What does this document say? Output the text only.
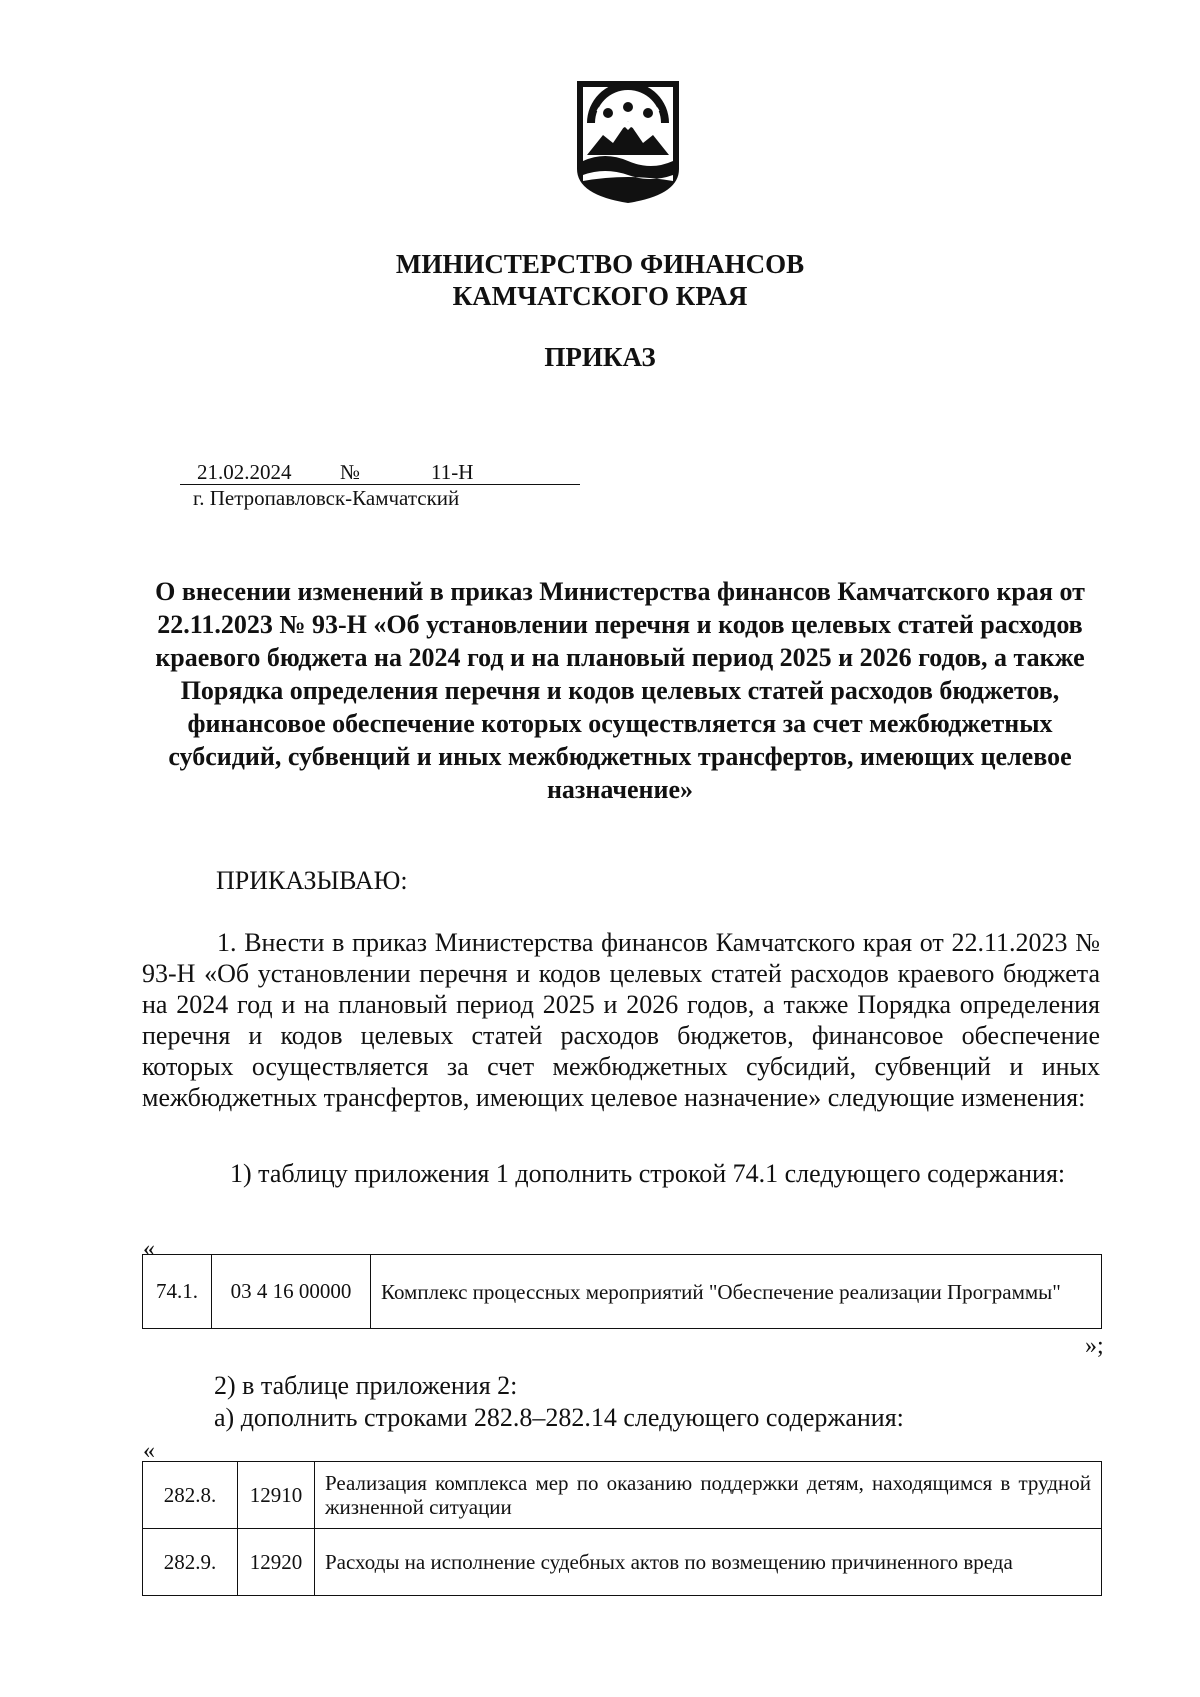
МИНИСТЕРСТВО ФИНАНСОВ
КАМЧАТСКОГО КРАЯ
ПРИКАЗ
21.02.2024 №	11-Н
г. Петропавловск-Камчатский
О внесении изменений в приказ Министерства финансов Камчатского края от 22.11.2023 № 93-Н «Об установлении перечня и кодов целевых статей расходов краевого бюджета на 2024 год и на плановый период 2025 и 2026 годов, а также Порядка определения перечня и кодов целевых статей расходов бюджетов, финансовое обеспечение которых осуществляется за счет межбюджетных субсидий, субвенций и иных межбюджетных трансфертов, имеющих целевое назначение»
ПРИКАЗЫВАЮ:
1. Внести в приказ Министерства финансов Камчатского края от 22.11.2023 № 93-Н «Об установлении перечня и кодов целевых статей расходов краевого бюджета на 2024 год и на плановый период 2025 и 2026 годов, а также Порядка определения перечня и кодов целевых статей расходов бюджетов, финансовое обеспечение которых осуществляется за счет межбюджетных субсидий, субвенций и иных межбюджетных трансфертов, имеющих целевое назначение» следующие изменения:
1) таблицу приложения 1 дополнить строкой 74.1 следующего содержания:
«
74.1.	03 4 16 00000	Комплекс процессных мероприятий "Обеспечение реализации Программы"
»;
2) в таблице приложения 2:
а) дополнить строками 282.8–282.14 следующего содержания:
«
282.8.	12910	Реализация комплекса мер по оказанию поддержки детям, находящимся в трудной жизненной ситуации
282.9.	12920	Расходы на исполнение судебных актов по возмещению причиненного вреда
